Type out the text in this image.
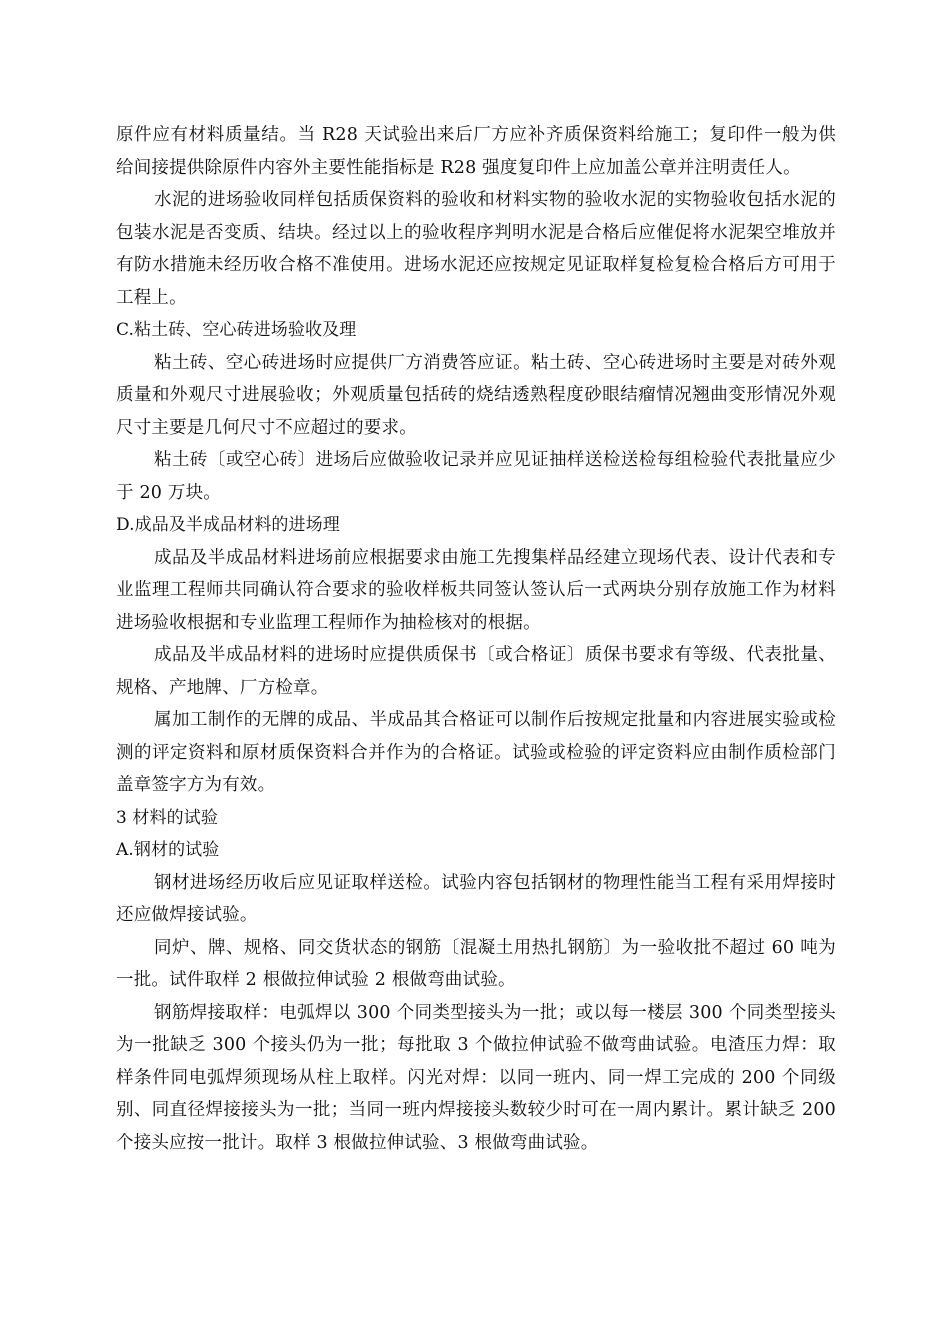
原件应有材料质量结。当 R28 天试验出来后厂方应补齐质保资料给施工；复印件一般为供给间接提供除原件内容外主要性能指标是 R28 强度复印件上应加盖公章并注明责任人。

水泥的进场验收同样包括质保资料的验收和材料实物的验收水泥的实物验收包括水泥的包装水泥是否变质、结块。经过以上的验收程序判明水泥是合格后应催促将水泥架空堆放并有防水措施未经历收合格不准使用。进场水泥还应按规定见证取样复检复检合格后方可用于工程上。

C.粘土砖、空心砖进场验收及理

粘土砖、空心砖进场时应提供厂方消费答应证。粘土砖、空心砖进场时主要是对砖外观质量和外观尺寸进展验收；外观质量包括砖的烧结透熟程度砂眼结瘤情况翘曲变形情况外观尺寸主要是几何尺寸不应超过的要求。

粘土砖〔或空心砖〕进场后应做验收记录并应见证抽样送检送检每组检验代表批量应少于 20 万块。

D.成品及半成品材料的进场理

成品及半成品材料进场前应根据要求由施工先搜集样品经建立现场代表、设计代表和专业监理工程师共同确认符合要求的验收样板共同签认签认后一式两块分别存放施工作为材料进场验收根据和专业监理工程师作为抽检核对的根据。

成品及半成品材料的进场时应提供质保书〔或合格证〕质保书要求有等级、代表批量、规格、产地牌、厂方检章。

属加工制作的无牌的成品、半成品其合格证可以制作后按规定批量和内容进展实验或检测的评定资料和原材质保资料合并作为的合格证。试验或检验的评定资料应由制作质检部门盖章签字方为有效。

3 材料的试验

A.钢材的试验

钢材进场经历收后应见证取样送检。试验内容包括钢材的物理性能当工程有采用焊接时还应做焊接试验。

同炉、牌、规格、同交货状态的钢筋〔混凝土用热扎钢筋〕为一验收批不超过 60 吨为一批。试件取样 2 根做拉伸试验 2 根做弯曲试验。

钢筋焊接取样：电弧焊以 300 个同类型接头为一批；或以每一楼层 300 个同类型接头为一批缺乏 300 个接头仍为一批；每批取 3 个做拉伸试验不做弯曲试验。电渣压力焊：取样条件同电弧焊须现场从柱上取样。闪光对焊：以同一班内、同一焊工完成的 200 个同级别、同直径焊接接头为一批；当同一班内焊接接头数较少时可在一周内累计。累计缺乏 200 个接头应按一批计。取样 3 根做拉伸试验、3 根做弯曲试验。
